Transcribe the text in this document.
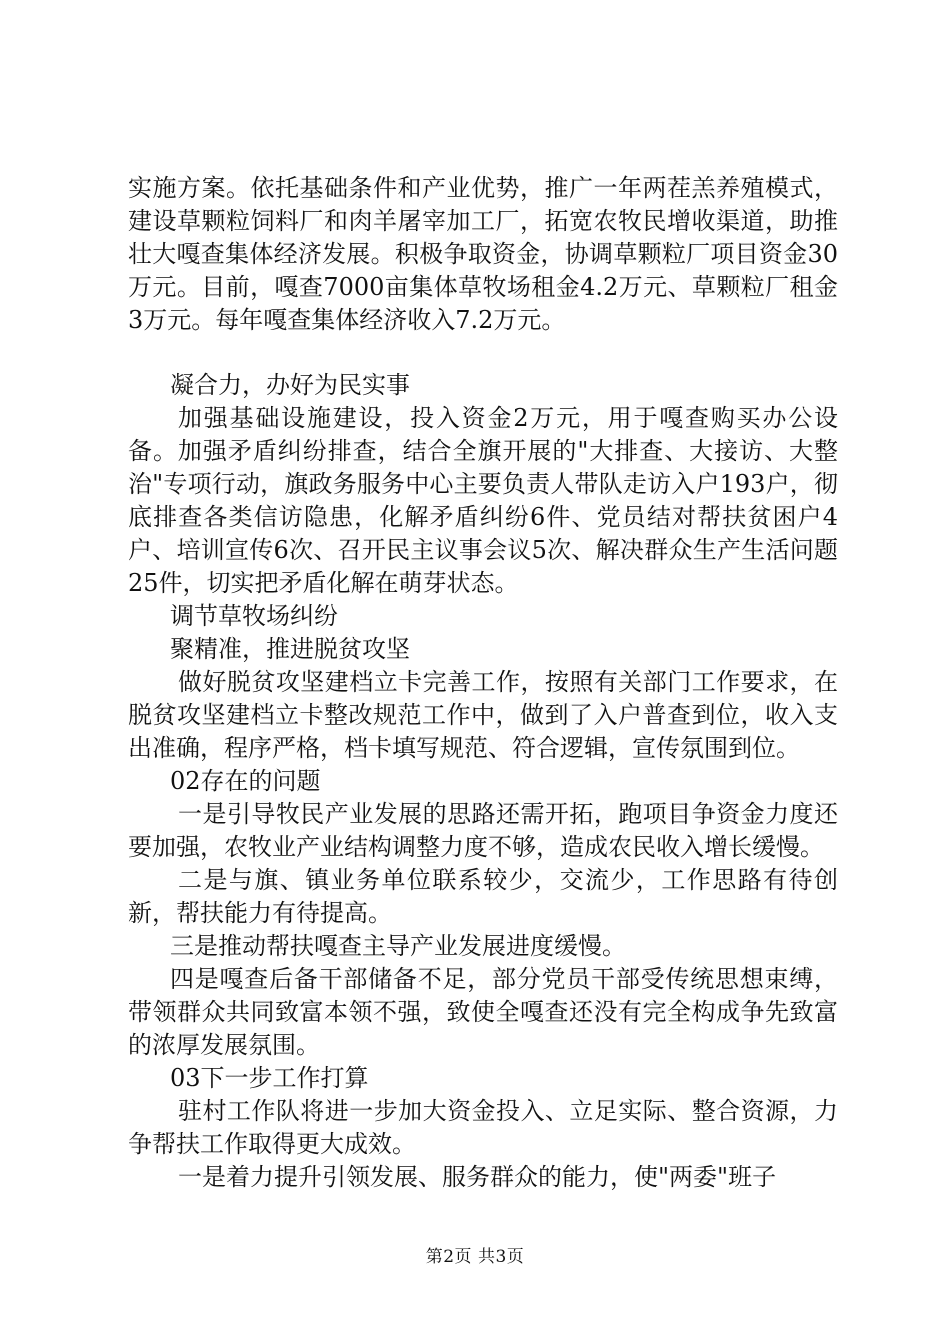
实施方案。依托基础条件和产业优势，推广一年两茬羔养殖模式，建设草颗粒饲料厂和肉羊屠宰加工厂，拓宽农牧民增收渠道，助推壮大嘎查集体经济发展。积极争取资金，协调草颗粒厂项目资金30万元。目前，嘎查7000亩集体草牧场租金4.2万元、草颗粒厂租金3万元。每年嘎查集体经济收入7.2万元。

凝合力，办好为民实事

加强基础设施建设，投入资金2万元，用于嘎查购买办公设备。加强矛盾纠纷排查，结合全旗开展的"大排查、大接访、大整治"专项行动，旗政务服务中心主要负责人带队走访入户193户，彻底排查各类信访隐患，化解矛盾纠纷6件、党员结对帮扶贫困户4户、培训宣传6次、召开民主议事会议5次、解决群众生产生活问题25件，切实把矛盾化解在萌芽状态。

调节草牧场纠纷

聚精准，推进脱贫攻坚

做好脱贫攻坚建档立卡完善工作，按照有关部门工作要求，在脱贫攻坚建档立卡整改规范工作中，做到了入户普查到位，收入支出准确，程序严格，档卡填写规范、符合逻辑，宣传氛围到位。

02存在的问题

一是引导牧民产业发展的思路还需开拓，跑项目争资金力度还要加强，农牧业产业结构调整力度不够，造成农民收入增长缓慢。

二是与旗、镇业务单位联系较少，交流少，工作思路有待创新，帮扶能力有待提高。

三是推动帮扶嘎查主导产业发展进度缓慢。

四是嘎查后备干部储备不足，部分党员干部受传统思想束缚，带领群众共同致富本领不强，致使全嘎查还没有完全构成争先致富的浓厚发展氛围。

03下一步工作打算

驻村工作队将进一步加大资金投入、立足实际、整合资源，力争帮扶工作取得更大成效。

一是着力提升引领发展、服务群众的能力，使"两委"班子

第2页 共3页
